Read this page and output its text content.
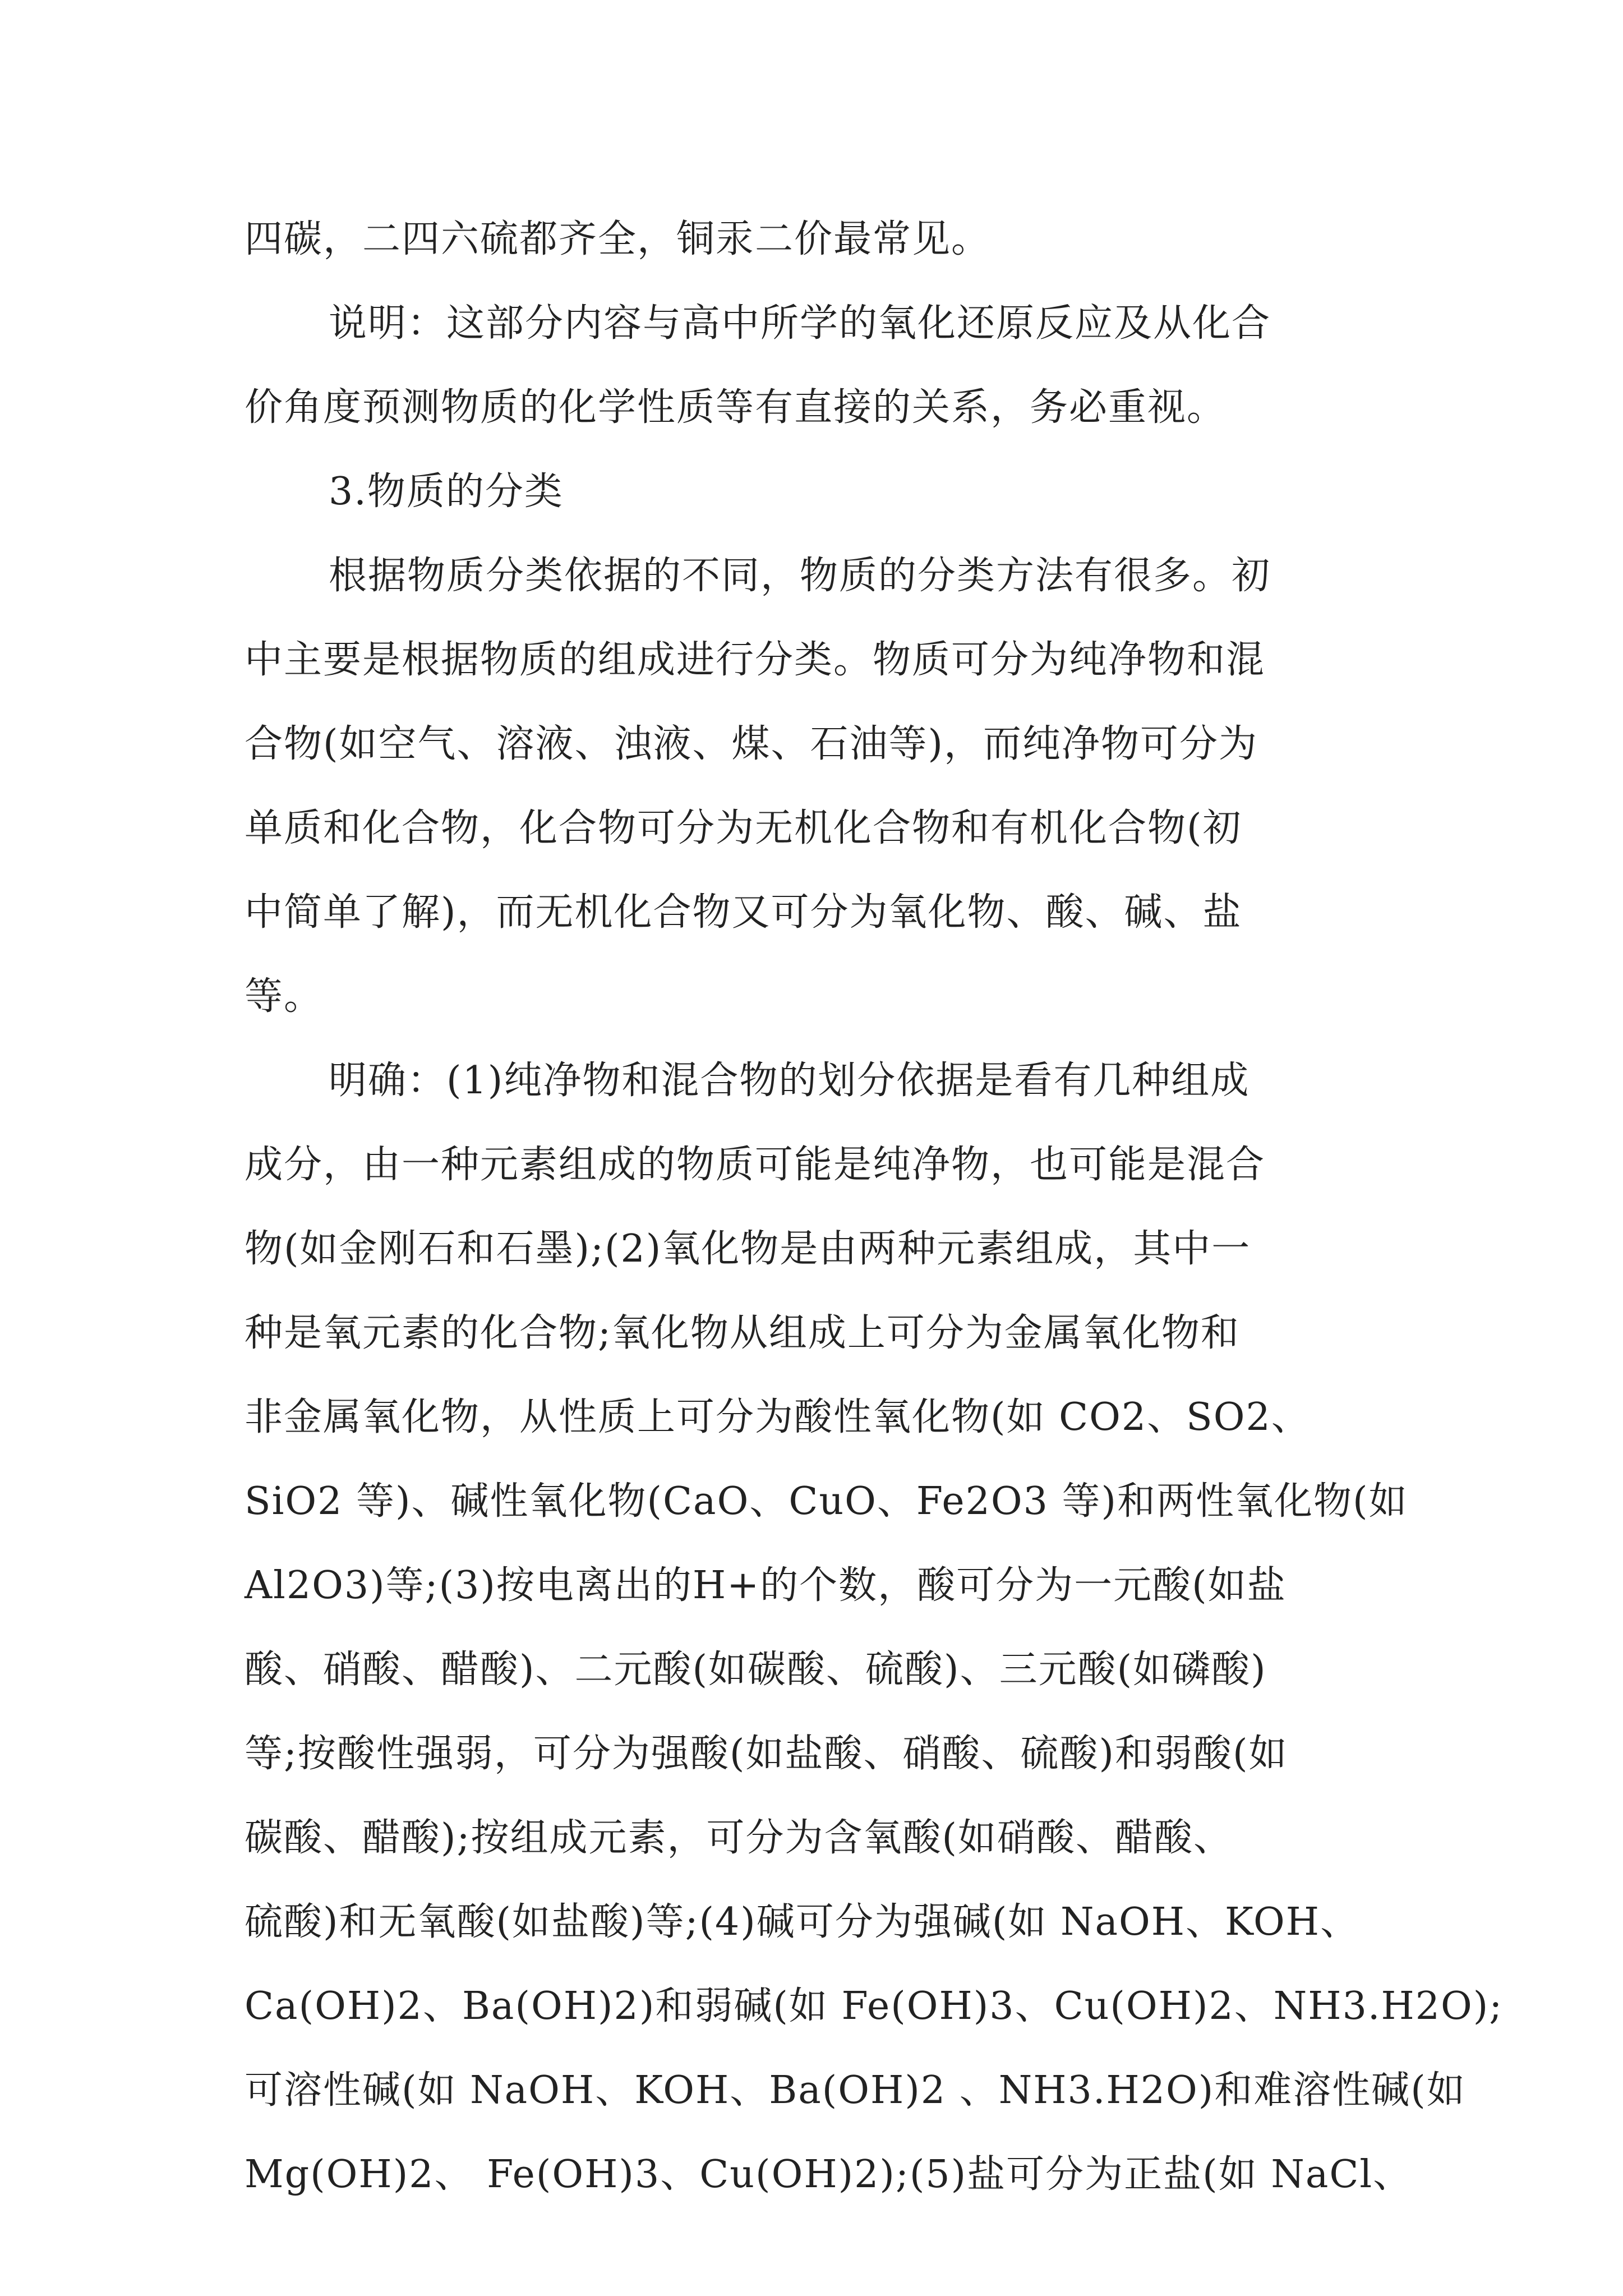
四碳，二四六硫都齐全，铜汞二价最常见。
说明：这部分内容与高中所学的氧化还原反应及从化合
价角度预测物质的化学性质等有直接的关系，务必重视。
3.物质的分类
根据物质分类依据的不同，物质的分类方法有很多。初
中主要是根据物质的组成进行分类。物质可分为纯净物和混
合物(如空气、溶液、浊液、煤、石油等)，而纯净物可分为
单质和化合物，化合物可分为无机化合物和有机化合物(初
中简单了解)，而无机化合物又可分为氧化物、酸、碱、盐
等。
明确：(1)纯净物和混合物的划分依据是看有几种组成
成分，由一种元素组成的物质可能是纯净物，也可能是混合
物(如金刚石和石墨);(2)氧化物是由两种元素组成，其中一
种是氧元素的化合物;氧化物从组成上可分为金属氧化物和
非金属氧化物，从性质上可分为酸性氧化物(如 CO2、SO2、
SiO2 等)、碱性氧化物(CaO、CuO、Fe2O3 等)和两性氧化物(如
Al2O3)等;(3)按电离出的H+的个数，酸可分为一元酸(如盐
酸、硝酸、醋酸)、二元酸(如碳酸、硫酸)、三元酸(如磷酸)
等;按酸性强弱，可分为强酸(如盐酸、硝酸、硫酸)和弱酸(如
碳酸、醋酸);按组成元素，可分为含氧酸(如硝酸、醋酸、
硫酸)和无氧酸(如盐酸)等;(4)碱可分为强碱(如 NaOH、KOH、
Ca(OH)2、Ba(OH)2)和弱碱(如 Fe(OH)3、Cu(OH)2、NH3.H2O);
可溶性碱(如 NaOH、KOH、Ba(OH)2 、NH3.H2O)和难溶性碱(如
Mg(OH)2、 Fe(OH)3、Cu(OH)2);(5)盐可分为正盐(如 NaCl、
